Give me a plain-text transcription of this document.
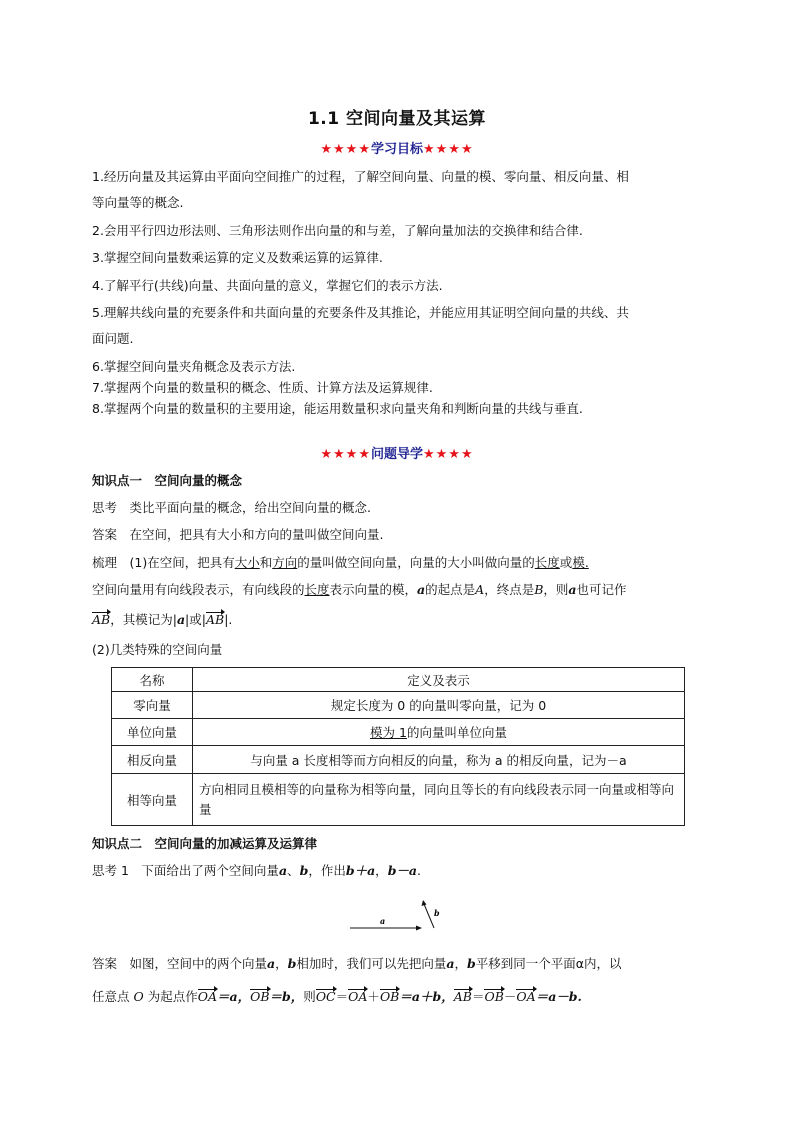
1.1 空间向量及其运算
★★★★学习目标★★★★
1.经历向量及其运算由平面向空间推广的过程，了解空间向量、向量的模、零向量、相反向量、相
等向量等的概念.
2.会用平行四边形法则、三角形法则作出向量的和与差，了解向量加法的交换律和结合律.
3.掌握空间向量数乘运算的定义及数乘运算的运算律.
4.了解平行(共线)向量、共面向量的意义，掌握它们的表示方法.
5.理解共线向量的充要条件和共面向量的充要条件及其推论，并能应用其证明空间向量的共线、共
面问题.
6.掌握空间向量夹角概念及表示方法.
7.掌握两个向量的数量积的概念、性质、计算方法及运算规律.
8.掌握两个向量的数量积的主要用途，能运用数量积求向量夹角和判断向量的共线与垂直.
★★★★问题导学★★★★
知识点一　空间向量的概念
思考　类比平面向量的概念，给出空间向量的概念.
答案　在空间，把具有大小和方向的量叫做空间向量.
梳理　(1)在空间，把具有大小和方向的量叫做空间向量，向量的大小叫做向量的长度或模.
空间向量用有向线段表示，有向线段的长度表示向量的模，a的起点是A，终点是B，则a也可记作
AB，其模记为|a|或|AB|.
(2)几类特殊的空间向量
名称	定义及表示
零向量	规定长度为 0 的向量叫零向量，记为 0
单位向量	模为 1的向量叫单位向量
相反向量	与向量 a 长度相等而方向相反的向量，称为 a 的相反向量，记为－a
相等向量	方向相同且模相等的向量称为相等向量，同向且等长的有向线段表示同一向量或相等向量
知识点二　空间向量的加减运算及运算律
思考 1　下面给出了两个空间向量a、b，作出b＋a，b－a.
a
b
答案　如图，空间中的两个向量a，b相加时，我们可以先把向量a，b平移到同一个平面α内，以
任意点 O 为起点作OA＝a，OB＝b，则OC＝OA＋OB＝a＋b，AB＝OB－OA＝a－b.
